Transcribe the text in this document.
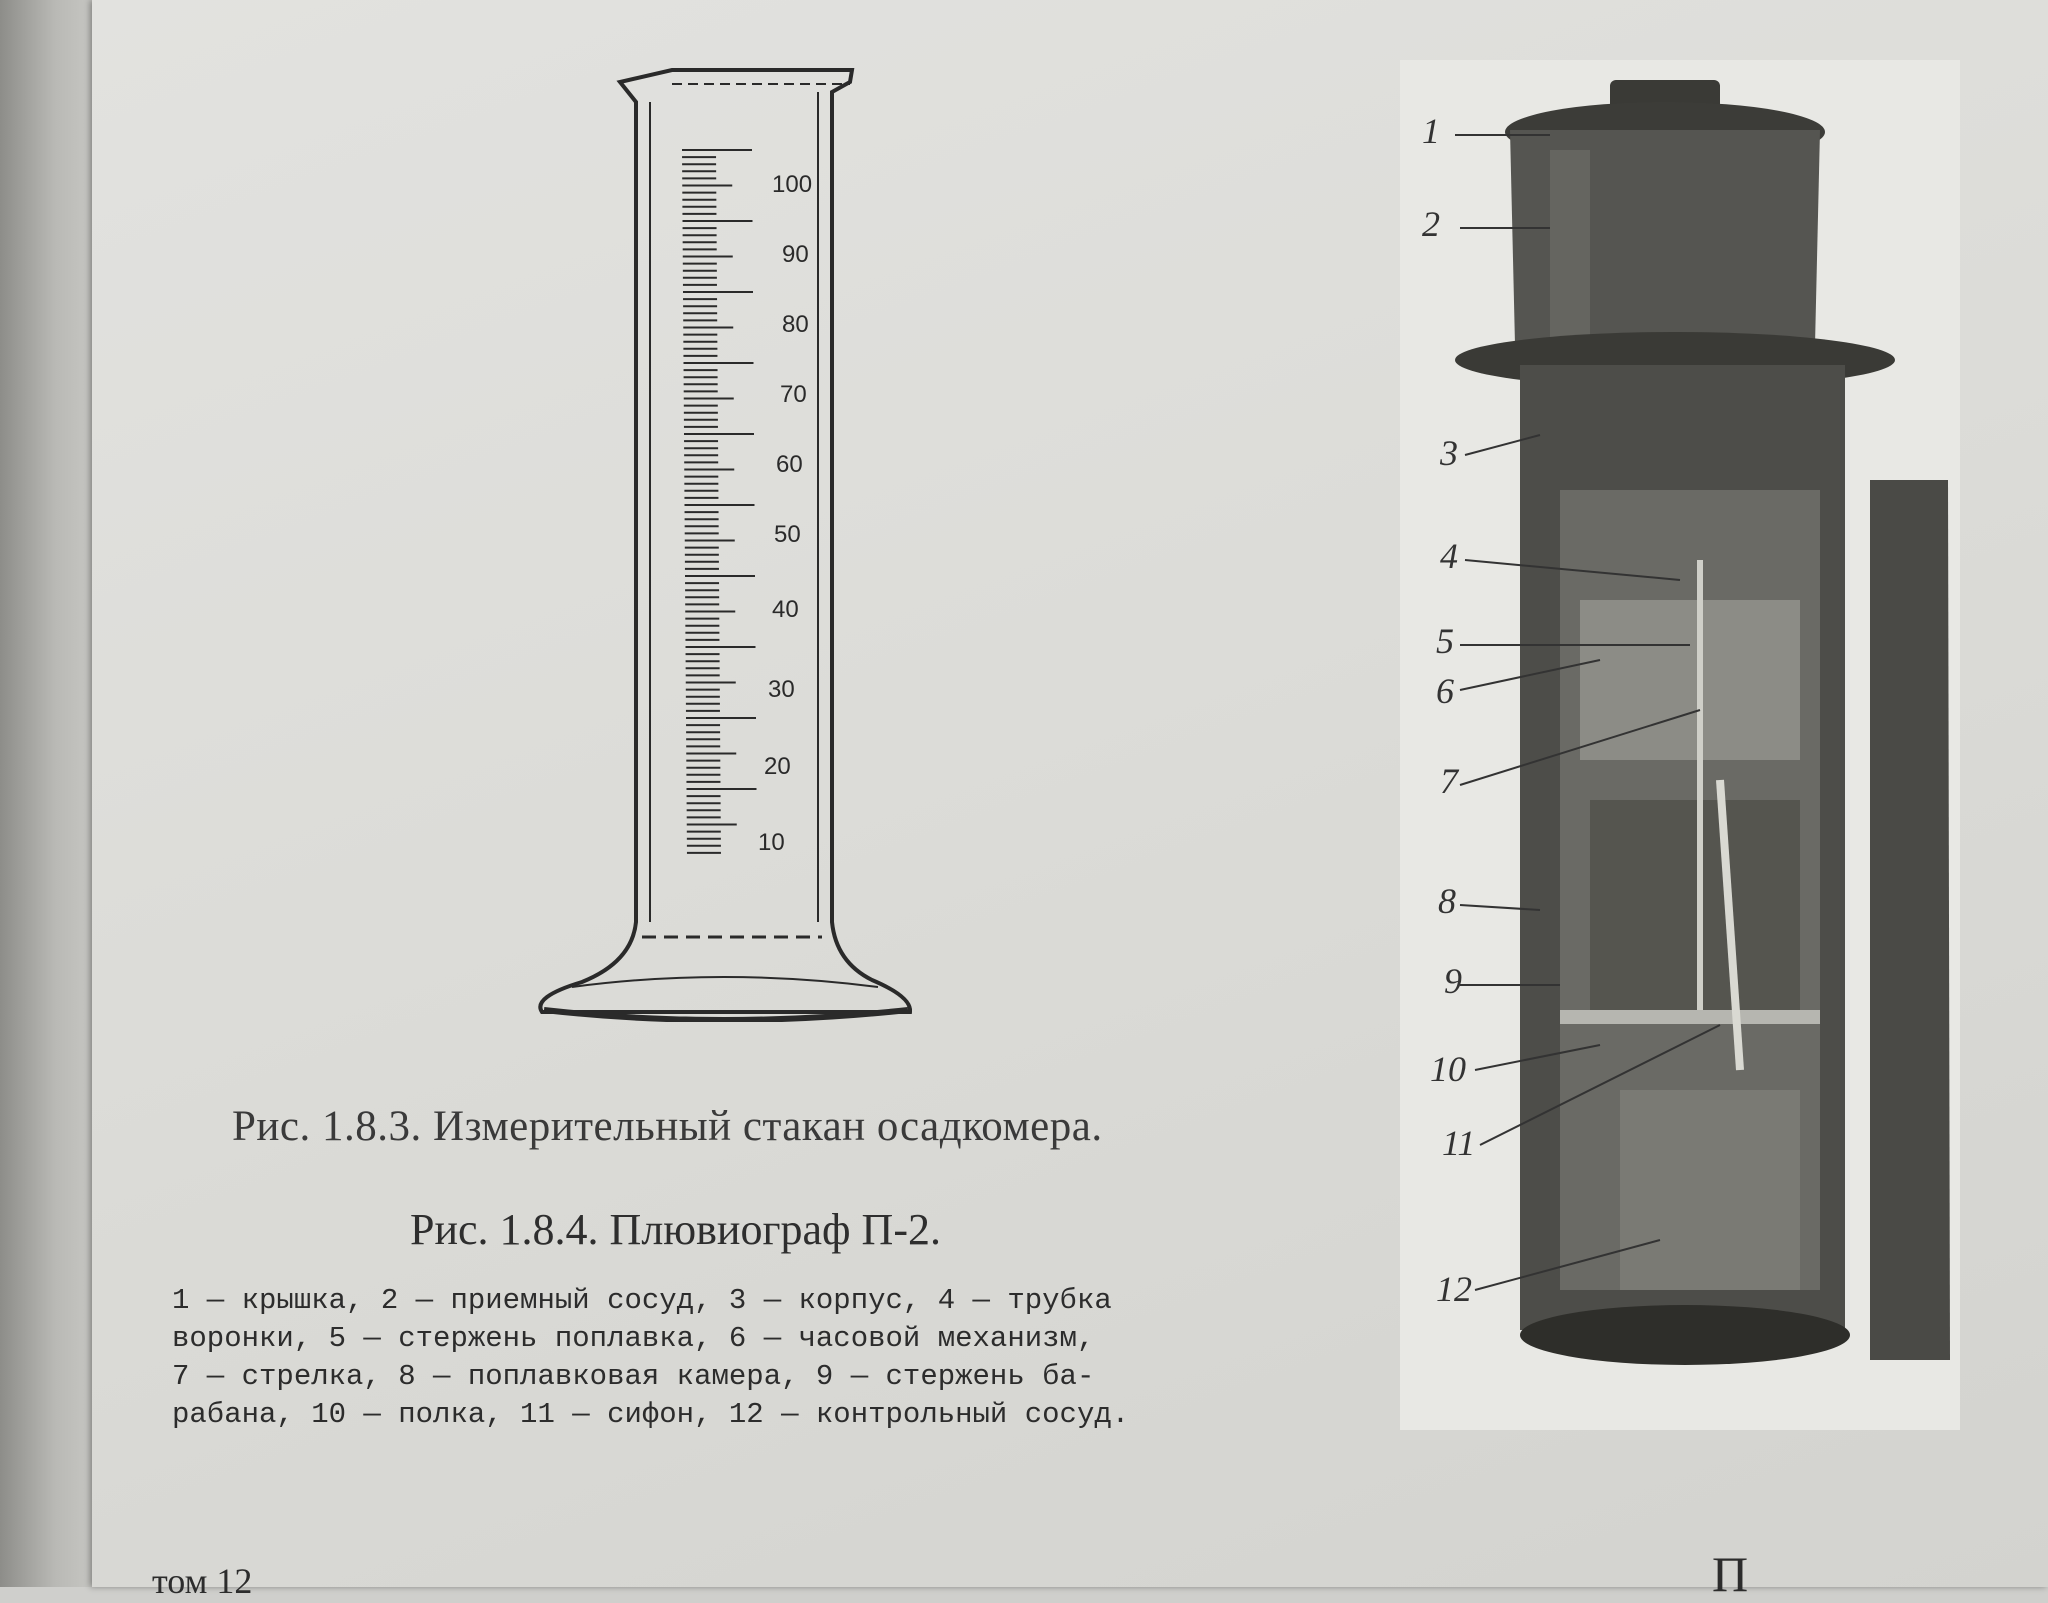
100
90
80
70
60
50
40
30
20
10
1
2
3
4
5
6
7
8
9
10
11
12
Рис. 1.8.3. Измерительный стакан осадкомера.
Рис. 1.8.4. Плювиограф П-2.
1 — крышка, 2 — приемный сосуд, 3 — корпус, 4 — трубка
воронки, 5 — стержень поплавка, 6 — часовой механизм,
7 — стрелка, 8 — поплавковая камера, 9 — стержень ба-
рабана, 10 — полка, 11 — сифон, 12 — контрольный сосуд.
том 12	П
